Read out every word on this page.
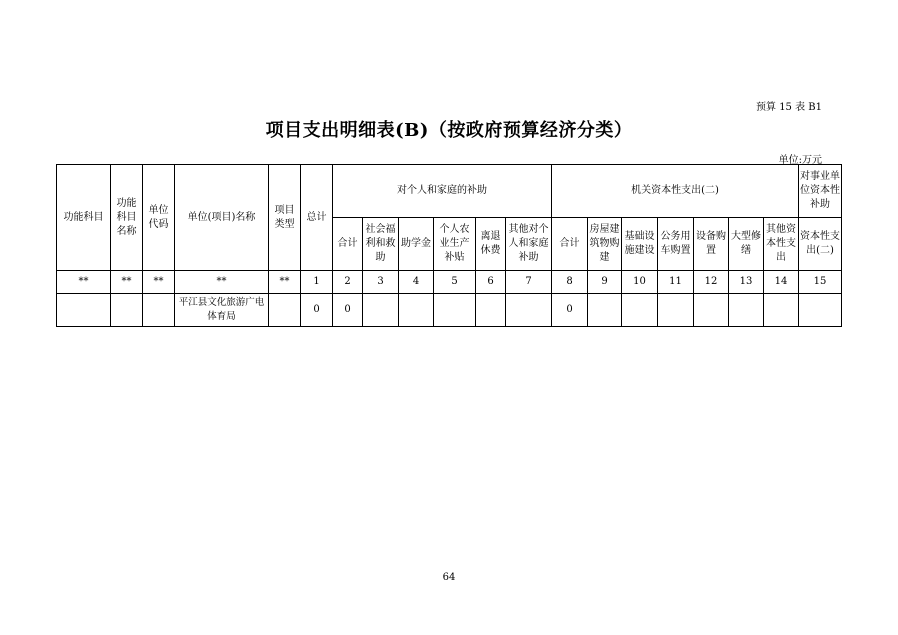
预算 15 表 B1
项目支出明细表(B)（按政府预算经济分类）
单位:万元
功能科目	功能科目名称	单位代码	单位(项目)名称	项目类型	总计	对个人和家庭的补助						机关资本性支出(二)							对事业单位资本性补助
						合计	社会福利和救助	助学金	个人农业生产补贴	离退休费	其他对个人和家庭补助	合计	房屋建筑物购建	基础设施建设	公务用车购置	设备购置	大型修缮	其他资本性支出	资本性支出(二)
**	**	**	**	**	1	2	3	4	5	6	7	8	9	10	11	12	13	14	15
			平江县文化旅游广电体育局		0	0						0							
64
